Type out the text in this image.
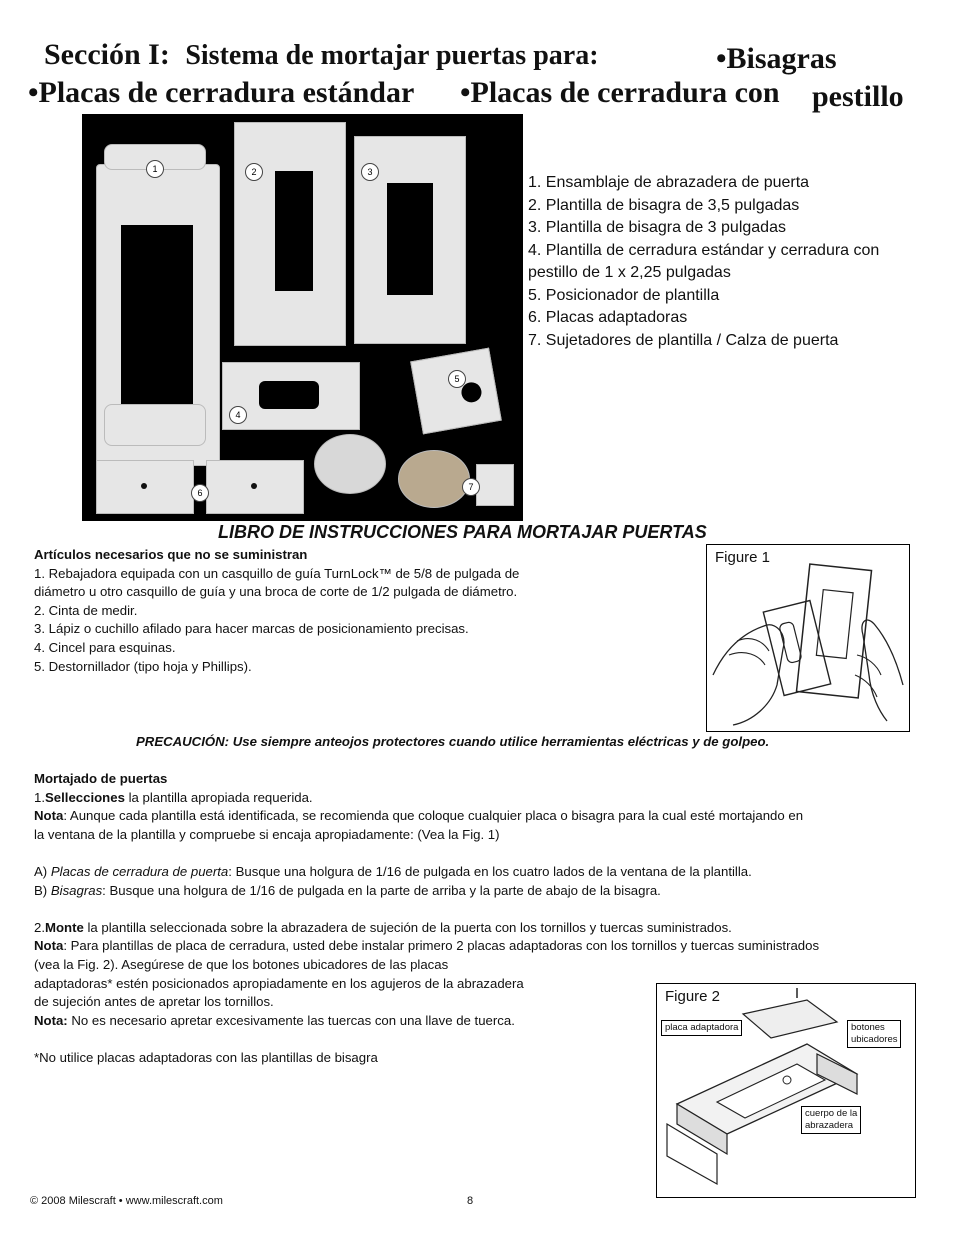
Sección I: Sistema de mortajar puertas para:	•Bisagras
•Placas de cerradura estándar •Placas de cerradura con pestillo
1	2	3
4
5
6
7
1. Ensamblaje de abrazadera de puerta
2. Plantilla de bisagra de 3,5 pulgadas
3. Plantilla de bisagra de 3 pulgadas
4. Plantilla de cerradura estándar y cerradura con
pestillo de 1 x 2,25 pulgadas
5. Posicionador de plantilla
6. Placas adaptadoras
7. Sujetadores de plantilla / Calza de puerta
LIBRO DE INSTRUCCIONES PARA MORTAJAR PUERTAS
Artículos necesarios que no se suministran
1. Rebajadora equipada con un casquillo de guía TurnLock™ de 5/8 de pulgada de
diámetro u otro casquillo de guía y una broca de corte de 1/2 pulgada de diámetro.
2. Cinta de medir.
3. Lápiz o cuchillo afilado para hacer marcas de posicionamiento precisas.
4. Cincel para esquinas.
5. Destornillador (tipo hoja y Phillips).
Figure 1
PRECAUCIÓN: Use siempre anteojos protectores cuando utilice herramientas eléctricas y de golpeo.
Mortajado de puertas
1.Sellecciones la plantilla apropiada requerida.
Nota: Aunque cada plantilla está identificada, se recomienda que coloque cualquier placa o bisagra para la cual esté mortajando en
la ventana de la plantilla y compruebe si encaja apropiadamente: (Vea la Fig. 1)

A) Placas de cerradura de puerta: Busque una holgura de 1/16 de pulgada en los cuatro lados de la ventana de la plantilla.
B) Bisagras: Busque una holgura de 1/16 de pulgada en la parte de arriba y la parte de abajo de la bisagra.

2.Monte la plantilla seleccionada sobre la abrazadera de sujeción de la puerta con los tornillos y tuercas suministrados.
Nota: Para plantillas de placa de cerradura, usted debe instalar primero 2 placas adaptadoras con los tornillos y tuercas suministrados
(vea la Fig. 2). Asegúrese de que los botones ubicadores de las placas
adaptadoras* estén posicionados apropiadamente en los agujeros de la abrazadera
de sujeción antes de apretar los tornillos.
Nota: No es necesario apretar excesivamente las tuercas con una llave de tuerca.

*No utilice placas adaptadoras con las plantillas de bisagra
Figure 2
placa adaptadora	botones
ubicadores
cuerpo de la
abrazadera
© 2008 Milescraft • www.milescraft.com	8
